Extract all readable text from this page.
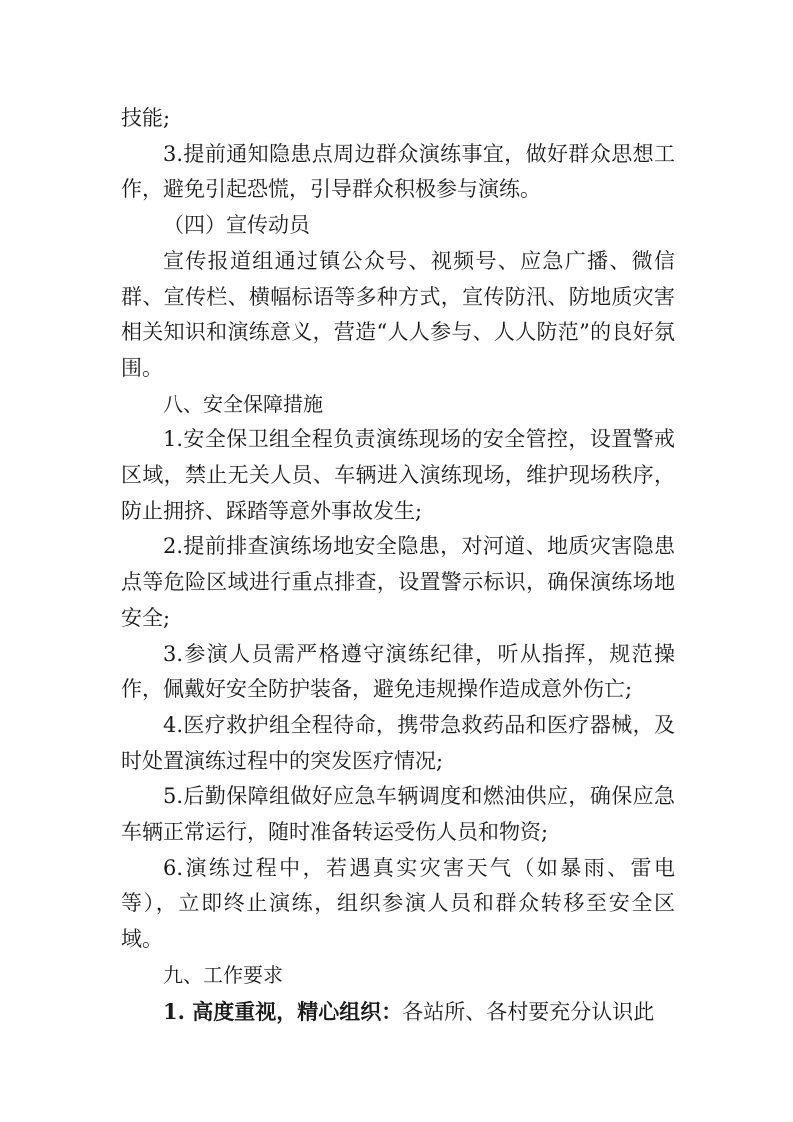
技能;

3.提前通知隐患点周边群众演练事宜，做好群众思想工作，避免引起恐慌，引导群众积极参与演练。

（四）宣传动员

宣传报道组通过镇公众号、视频号、应急广播、微信群、宣传栏、横幅标语等多种方式，宣传防汛、防地质灾害相关知识和演练意义，营造“人人参与、人人防范”的良好氛围。

八、安全保障措施

1.安全保卫组全程负责演练现场的安全管控，设置警戒区域，禁止无关人员、车辆进入演练现场，维护现场秩序，防止拥挤、踩踏等意外事故发生;

2.提前排查演练场地安全隐患，对河道、地质灾害隐患点等危险区域进行重点排查，设置警示标识，确保演练场地安全;

3.参演人员需严格遵守演练纪律，听从指挥，规范操作，佩戴好安全防护装备，避免违规操作造成意外伤亡;

4.医疗救护组全程待命，携带急救药品和医疗器械，及时处置演练过程中的突发医疗情况;

5.后勤保障组做好应急车辆调度和燃油供应，确保应急车辆正常运行，随时准备转运受伤人员和物资;

6.演练过程中，若遇真实灾害天气（如暴雨、雷电等），立即终止演练，组织参演人员和群众转移至安全区域。

九、工作要求

1. 高度重视，精心组织：各站所、各村要充分认识此
